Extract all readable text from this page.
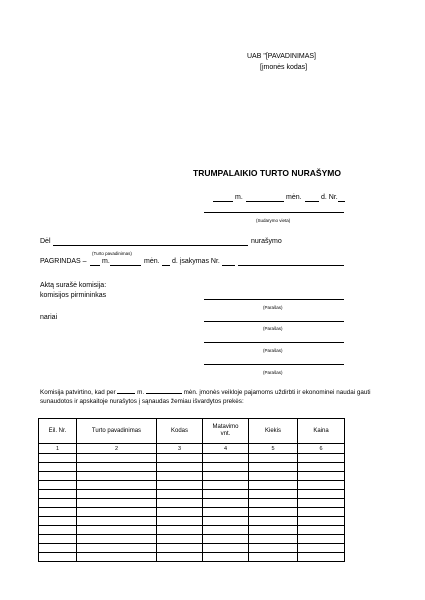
UAB "[PAVADINIMAS]
[įmonės kodas]
TRUMPALAIKIO TURTO NURAŠYMO
m.	mėn.	d. Nr.
(Sudarymo vieta)
Dėl	nurašymo
(Turto pavadinimas)
PAGRINDAS – m.	mėn. d. įsakymas Nr.
Aktą surašė komisija:
komisijos pirmininkas
(Parašas)
nariai
(Parašas)
(Parašas)
(Parašas)
Komisija patvirtino, kad per	m.	mėn. įmonės veikloje pajamoms uždirbti ir ekonominei naudai gauti
sunaudotos ir apskaitoje nurašytos į sąnaudas žemiau išvardytos prekės:
Eil. Nr.	Turto pavadinimas	Kodas	Matavimo vnt.	Kiekis	Kaina
1	2	3	4	5	6
